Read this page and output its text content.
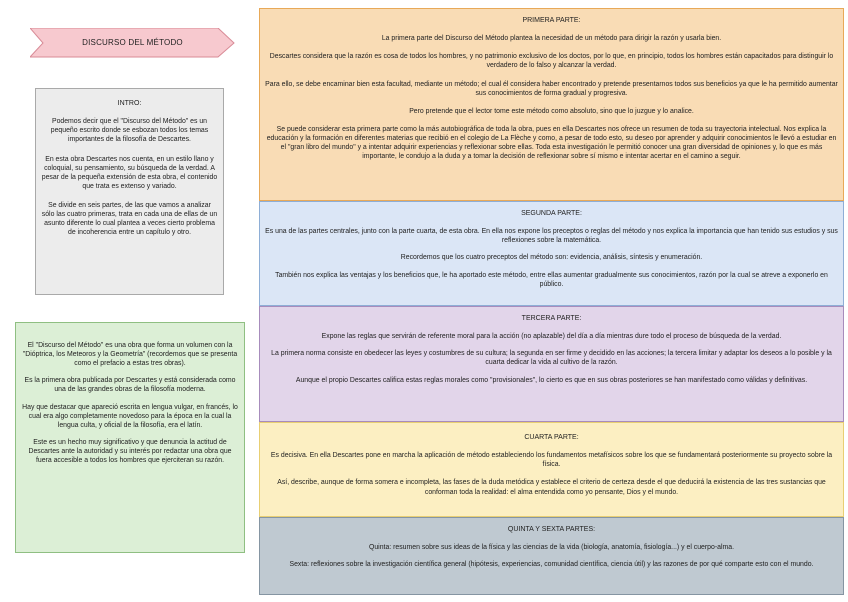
DISCURSO DEL MÉTODO

INTRO:

Podemos decir que el "Discurso del Método" es un pequeño escrito donde se esbozan todos los temas importantes de la filosofía de Descartes.

En esta obra Descartes nos cuenta, en un estilo llano y coloquial, su pensamiento, su búsqueda de la verdad. A pesar de la pequeña extensión de esta obra, el contenido que trata es extenso y variado.

Se divide en seis partes, de las que vamos a analizar sólo las cuatro primeras, trata en cada una de ellas de un asunto diferente lo cual plantea a veces cierto problema de incoherencia entre un capítulo y otro.

El "Discurso del Método" es una obra que forma un volumen con la "Dióptrica, los Meteoros y la Geometría" (recordemos que se presenta como el prefacio a estas tres obras).

Es la primera obra publicada por Descartes y está considerada como una de las grandes obras de la filosofía moderna.

Hay que destacar que apareció escrita en lengua vulgar, en francés, lo cual era algo completamente novedoso para la época en la cual la lengua culta, y oficial de la filosofía, era el latín.

Este es un hecho muy significativo y que denuncia la actitud de Descartes ante la autoridad y su interés por redactar una obra que fuera accesible a todos los hombres que ejerciteran su razón.

PRIMERA PARTE:

La primera parte del Discurso del Método plantea la necesidad de un método para dirigir la razón y usarla bien.

Descartes considera que la razón es cosa de todos los hombres, y no patrimonio exclusivo de los doctos, por lo que, en principio, todos los hombres están capacitados para distinguir lo verdadero de lo falso y alcanzar la verdad.

Para ello, se debe encaminar bien esta facultad, mediante un método; el cual él considera haber encontrado y pretende presentarnos todos sus beneficios ya que le ha permitido aumentar sus conocimientos de forma gradual y progresiva.

Pero pretende que el lector tome este método como absoluto, sino que lo juzgue y lo analice.

Se puede considerar esta primera parte como la más autobiográfica de toda la obra, pues en ella Descartes nos ofrece un resumen de toda su trayectoria intelectual. Nos explica la educación y la formación en diferentes materias que recibió en el colegio de La Flèche y como, a pesar de todo esto, su deseo por aprender y adquirir conocimientos le llevó a estudiar en el "gran libro del mundo" y a intentar adquirir experiencias y reflexionar sobre ellas. Toda esta investigación le permitió conocer una gran diversidad de opiniones y, lo que es más importante, le condujo a la duda y a tomar la decisión de reflexionar sobre sí mismo e intentar acertar en el camino a seguir.

SEGUNDA PARTE:

Es una de las partes centrales, junto con la parte cuarta, de esta obra. En ella nos expone los preceptos o reglas del método y nos explica la importancia que han tenido sus estudios y sus reflexiones sobre la matemática.

Recordemos que los cuatro preceptos del método son: evidencia, análisis, síntesis y enumeración.

También nos explica las ventajas y los beneficios que, le ha aportado este método, entre ellas aumentar gradualmente sus conocimientos, razón por la cual se atreve a exponerlo en público.

TERCERA PARTE:

Expone las reglas que servirán de referente moral para la acción (no aplazable) del día a día mientras dure todo el proceso de búsqueda de la verdad.

La primera norma consiste en obedecer las leyes y costumbres de su cultura; la segunda en ser firme y decidido en las acciones; la tercera limitar y adaptar los deseos a lo posible y la cuarta dedicar la vida al cultivo de la razón.

Aunque el propio Descartes califica estas reglas morales como "provisionales", lo cierto es que en sus obras posteriores se han manifestado como válidas y definitivas.

CUARTA PARTE:

Es decisiva. En ella Descartes pone en marcha la aplicación de método estableciendo los fundamentos metafísicos sobre los que se fundamentará posteriormente su proyecto sobre la física.

Así, describe, aunque de forma somera e incompleta, las fases de la duda metódica y establece el criterio de certeza desde el que deducirá la existencia de las tres sustancias que conforman toda la realidad: el alma entendida como yo pensante, Dios y el mundo.

QUINTA Y SEXTA PARTES:

Quinta: resumen sobre sus ideas de la física y las ciencias de la vida (biología, anatomía, fisiología...) y el cuerpo-alma.

Sexta: reflexiones sobre la investigación científica general (hipótesis, experiencias, comunidad científica, ciencia útil) y las razones de por qué comparte esto con el mundo.
